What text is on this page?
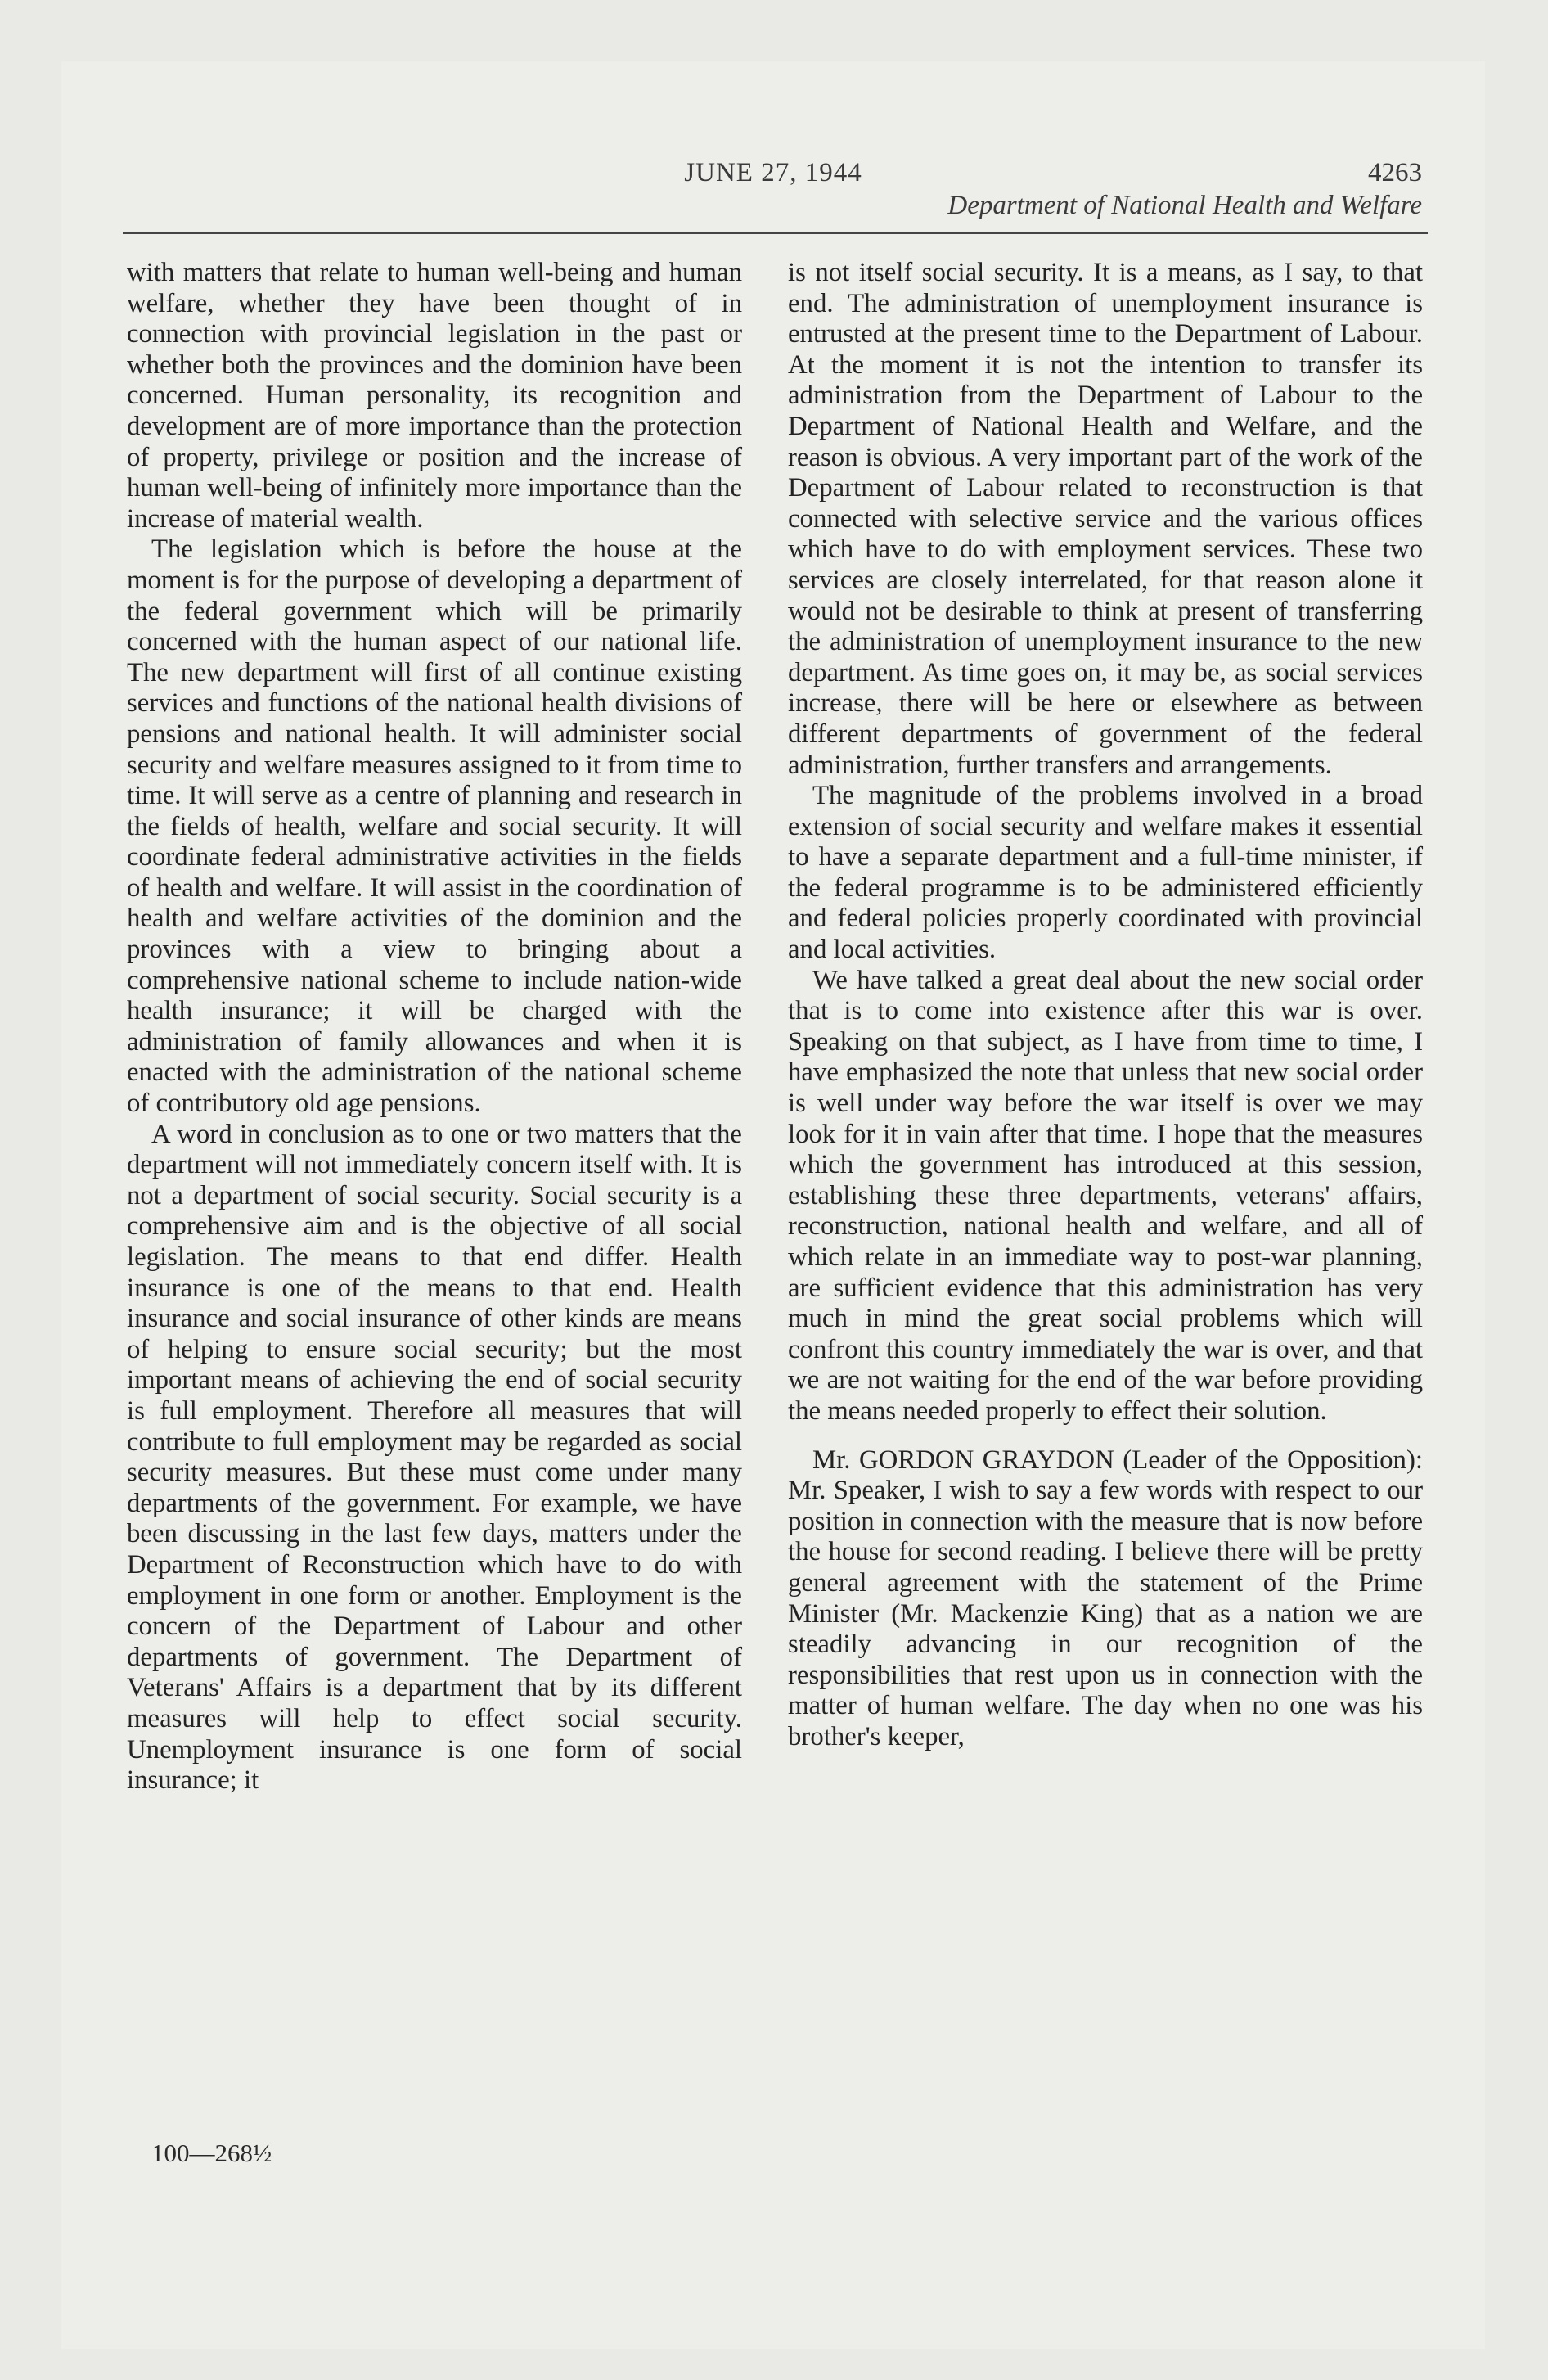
JUNE 27, 1944	4263
Department of National Health and Welfare

with matters that relate to human well-being and human welfare, whether they have been thought of in connection with provincial legislation in the past or whether both the provinces and the dominion have been concerned. Human personality, its recognition and development are of more importance than the protection of property, privilege or position and the increase of human well-being of infinitely more importance than the increase of material wealth.

The legislation which is before the house at the moment is for the purpose of developing a department of the federal government which will be primarily concerned with the human aspect of our national life. The new department will first of all continue existing services and functions of the national health divisions of pensions and national health. It will administer social security and welfare measures assigned to it from time to time. It will serve as a centre of planning and research in the fields of health, welfare and social security. It will coordinate federal administrative activities in the fields of health and welfare. It will assist in the coordination of health and welfare activities of the dominion and the provinces with a view to bringing about a comprehensive national scheme to include nation-wide health insurance; it will be charged with the administration of family allowances and when it is enacted with the administration of the national scheme of contributory old age pensions.

A word in conclusion as to one or two matters that the department will not immediately concern itself with. It is not a department of social security. Social security is a comprehensive aim and is the objective of all social legislation. The means to that end differ. Health insurance is one of the means to that end. Health insurance and social insurance of other kinds are means of helping to ensure social security; but the most important means of achieving the end of social security is full employment. Therefore all measures that will contribute to full employment may be regarded as social security measures. But these must come under many departments of the government. For example, we have been discussing in the last few days, matters under the Department of Reconstruction which have to do with employment in one form or another. Employment is the concern of the Department of Labour and other departments of government. The Department of Veterans' Affairs is a department that by its different measures will help to effect social security. Unemployment insurance is one form of social insurance; it

is not itself social security. It is a means, as I say, to that end. The administration of unemployment insurance is entrusted at the present time to the Department of Labour. At the moment it is not the intention to transfer its administration from the Department of Labour to the Department of National Health and Welfare, and the reason is obvious. A very important part of the work of the Department of Labour related to reconstruction is that connected with selective service and the various offices which have to do with employment services. These two services are closely interrelated, for that reason alone it would not be desirable to think at present of transferring the administration of unemployment insurance to the new department. As time goes on, it may be, as social services increase, there will be here or elsewhere as between different departments of government of the federal administration, further transfers and arrangements.

The magnitude of the problems involved in a broad extension of social security and welfare makes it essential to have a separate department and a full-time minister, if the federal programme is to be administered efficiently and federal policies properly coordinated with provincial and local activities.

We have talked a great deal about the new social order that is to come into existence after this war is over. Speaking on that subject, as I have from time to time, I have emphasized the note that unless that new social order is well under way before the war itself is over we may look for it in vain after that time. I hope that the measures which the government has introduced at this session, establishing these three departments, veterans' affairs, reconstruction, national health and welfare, and all of which relate in an immediate way to post-war planning, are sufficient evidence that this administration has very much in mind the great social problems which will confront this country immediately the war is over, and that we are not waiting for the end of the war before providing the means needed properly to effect their solution.

Mr. GORDON GRAYDON (Leader of the Opposition): Mr. Speaker, I wish to say a few words with respect to our position in connection with the measure that is now before the house for second reading. I believe there will be pretty general agreement with the statement of the Prime Minister (Mr. Mackenzie King) that as a nation we are steadily advancing in our recognition of the responsibilities that rest upon us in connection with the matter of human welfare. The day when no one was his brother's keeper,

100—268½
